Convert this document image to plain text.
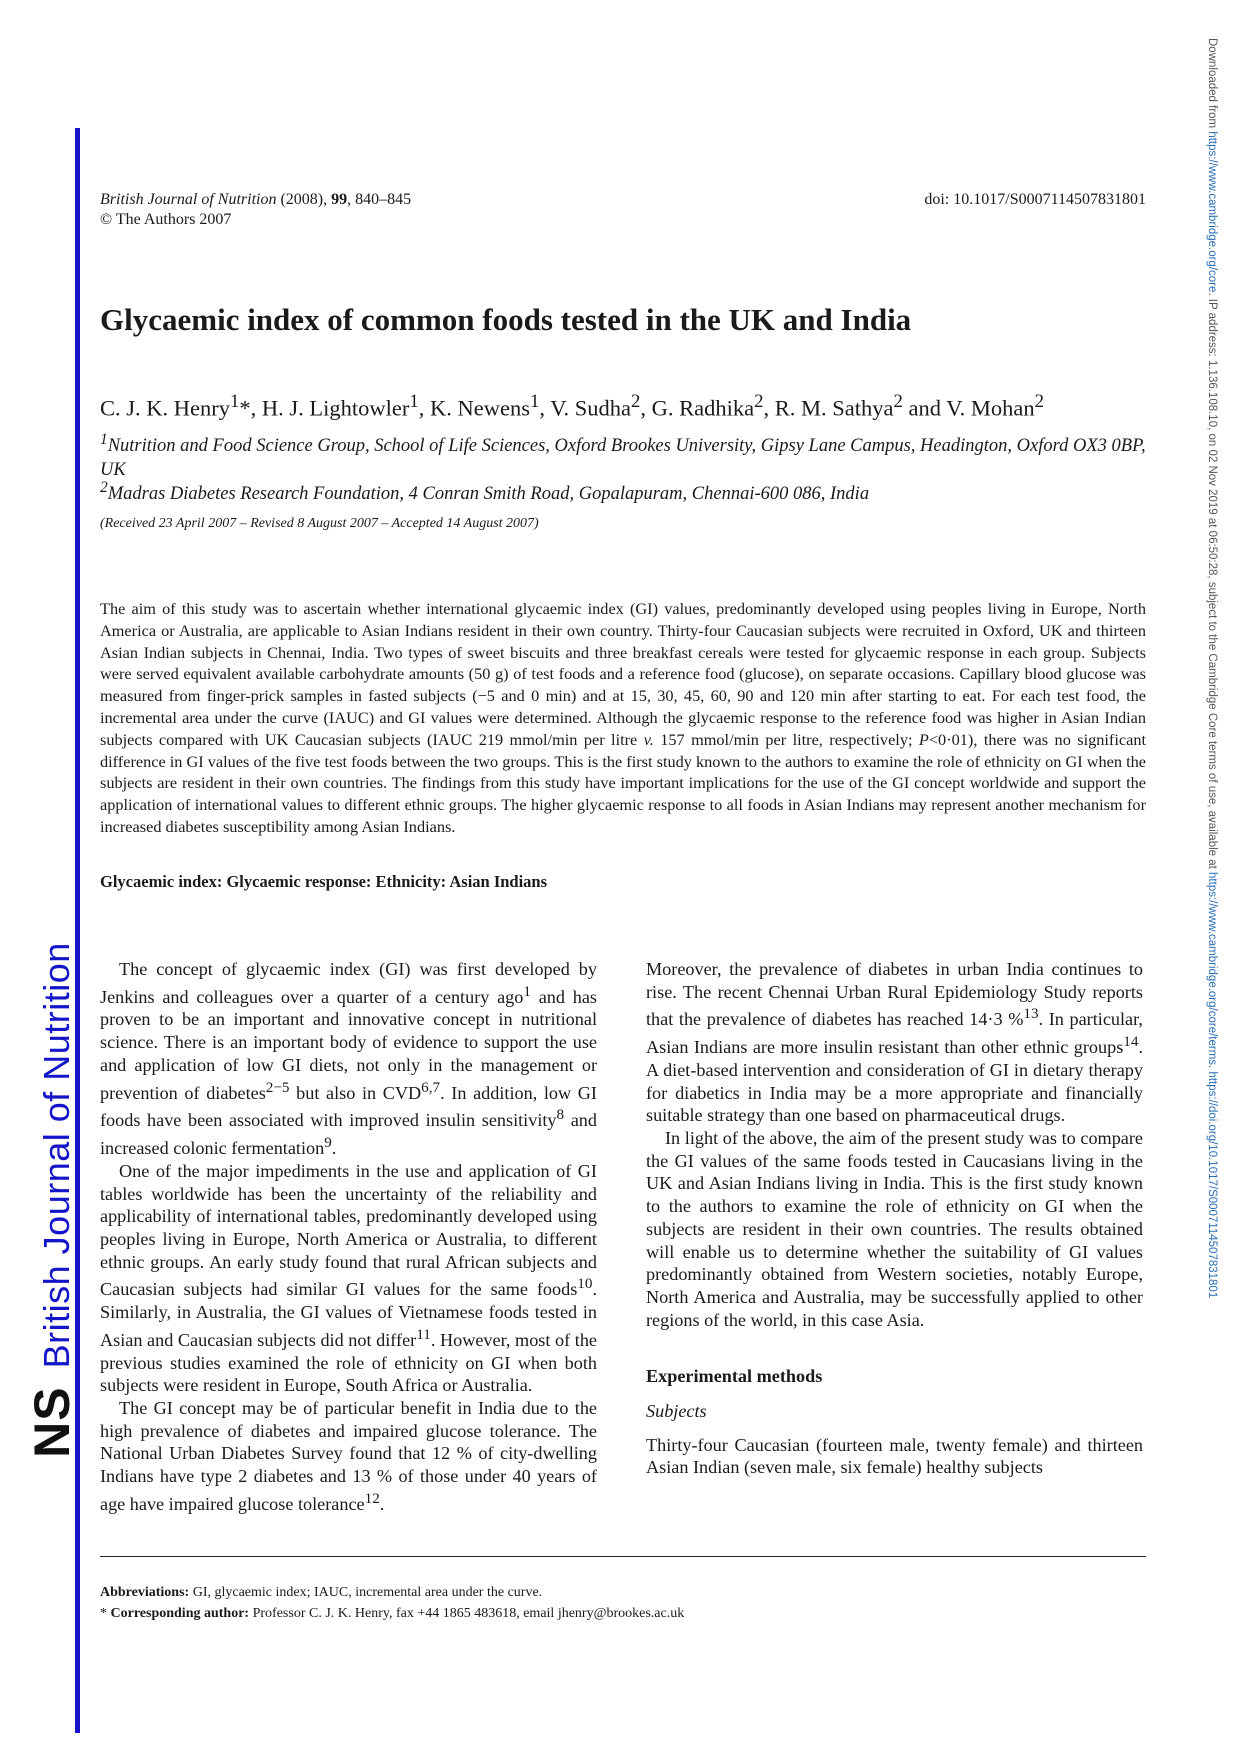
NS
British Journal of Nutrition
Downloaded from https://www.cambridge.org/core. IP address: 1.136.108.10, on 02 Nov 2019 at 06:50:28, subject to the Cambridge Core terms of use, available at https://www.cambridge.org/core/terms. https://doi.org/10.1017/S0007114507831801
British Journal of Nutrition (2008), 99, 840–845
© The Authors 2007
doi: 10.1017/S0007114507831801
Glycaemic index of common foods tested in the UK and India
C. J. K. Henry$^1$*, H. J. Lightowler$^1$, K. Newens$^1$, V. Sudha$^2$, G. Radhika$^2$, R. M. Sathya$^2$ and V. Mohan$^2$
$^1$Nutrition and Food Science Group, School of Life Sciences, Oxford Brookes University, Gipsy Lane Campus, Headington, Oxford OX3 0BP, UK
$^2$Madras Diabetes Research Foundation, 4 Conran Smith Road, Gopalapuram, Chennai-600 086, India
(Received 23 April 2007 – Revised 8 August 2007 – Accepted 14 August 2007)

The aim of this study was to ascertain whether international glycaemic index (GI) values, predominantly developed using peoples living in Europe, North America or Australia, are applicable to Asian Indians resident in their own country. Thirty-four Caucasian subjects were recruited in Oxford, UK and thirteen Asian Indian subjects in Chennai, India. Two types of sweet biscuits and three breakfast cereals were tested for glycaemic response in each group. Subjects were served equivalent available carbohydrate amounts (50 g) of test foods and a reference food (glucose), on separate occasions. Capillary blood glucose was measured from finger-prick samples in fasted subjects (−5 and 0 min) and at 15, 30, 45, 60, 90 and 120 min after starting to eat. For each test food, the incremental area under the curve (IAUC) and GI values were determined. Although the glycaemic response to the reference food was higher in Asian Indian subjects compared with UK Caucasian subjects (IAUC 219 mmol/min per litre v. 157 mmol/min per litre, respectively; P<0·01), there was no significant difference in GI values of the five test foods between the two groups. This is the first study known to the authors to examine the role of ethnicity on GI when the subjects are resident in their own countries. The findings from this study have important implications for the use of the GI concept worldwide and support the application of international values to different ethnic groups. The higher glycaemic response to all foods in Asian Indians may represent another mechanism for increased diabetes susceptibility among Asian Indians.

Glycaemic index: Glycaemic response: Ethnicity: Asian Indians

The concept of glycaemic index (GI) was first developed by Jenkins and colleagues over a quarter of a century ago$^1$ and has proven to be an important and innovative concept in nutritional science. There is an important body of evidence to support the use and application of low GI diets, not only in the management or prevention of diabetes$^{2-5}$ but also in CVD$^{6,7}$. In addition, low GI foods have been associated with improved insulin sensitivity$^8$ and increased colonic fermentation$^9$.

One of the major impediments in the use and application of GI tables worldwide has been the uncertainty of the reliability and applicability of international tables, predominantly developed using peoples living in Europe, North America or Australia, to different ethnic groups. An early study found that rural African subjects and Caucasian subjects had similar GI values for the same foods$^{10}$. Similarly, in Australia, the GI values of Vietnamese foods tested in Asian and Caucasian subjects did not differ$^{11}$. However, most of the previous studies examined the role of ethnicity on GI when both subjects were resident in Europe, South Africa or Australia.

The GI concept may be of particular benefit in India due to the high prevalence of diabetes and impaired glucose tolerance. The National Urban Diabetes Survey found that 12 % of city-dwelling Indians have type 2 diabetes and 13 % of those under 40 years of age have impaired glucose tolerance$^{12}$.

Moreover, the prevalence of diabetes in urban India continues to rise. The recent Chennai Urban Rural Epidemiology Study reports that the prevalence of diabetes has reached 14·3 %$^{13}$. In particular, Asian Indians are more insulin resistant than other ethnic groups$^{14}$. A diet-based intervention and consideration of GI in dietary therapy for diabetics in India may be a more appropriate and financially suitable strategy than one based on pharmaceutical drugs.

In light of the above, the aim of the present study was to compare the GI values of the same foods tested in Caucasians living in the UK and Asian Indians living in India. This is the first study known to the authors to examine the role of ethnicity on GI when the subjects are resident in their own countries. The results obtained will enable us to determine whether the suitability of GI values predominantly obtained from Western societies, notably Europe, North America and Australia, may be successfully applied to other regions of the world, in this case Asia.

Experimental methods
Subjects

Thirty-four Caucasian (fourteen male, twenty female) and thirteen Asian Indian (seven male, six female) healthy subjects

Abbreviations: GI, glycaemic index; IAUC, incremental area under the curve.
* Corresponding author: Professor C. J. K. Henry, fax +44 1865 483618, email jhenry@brookes.ac.uk
